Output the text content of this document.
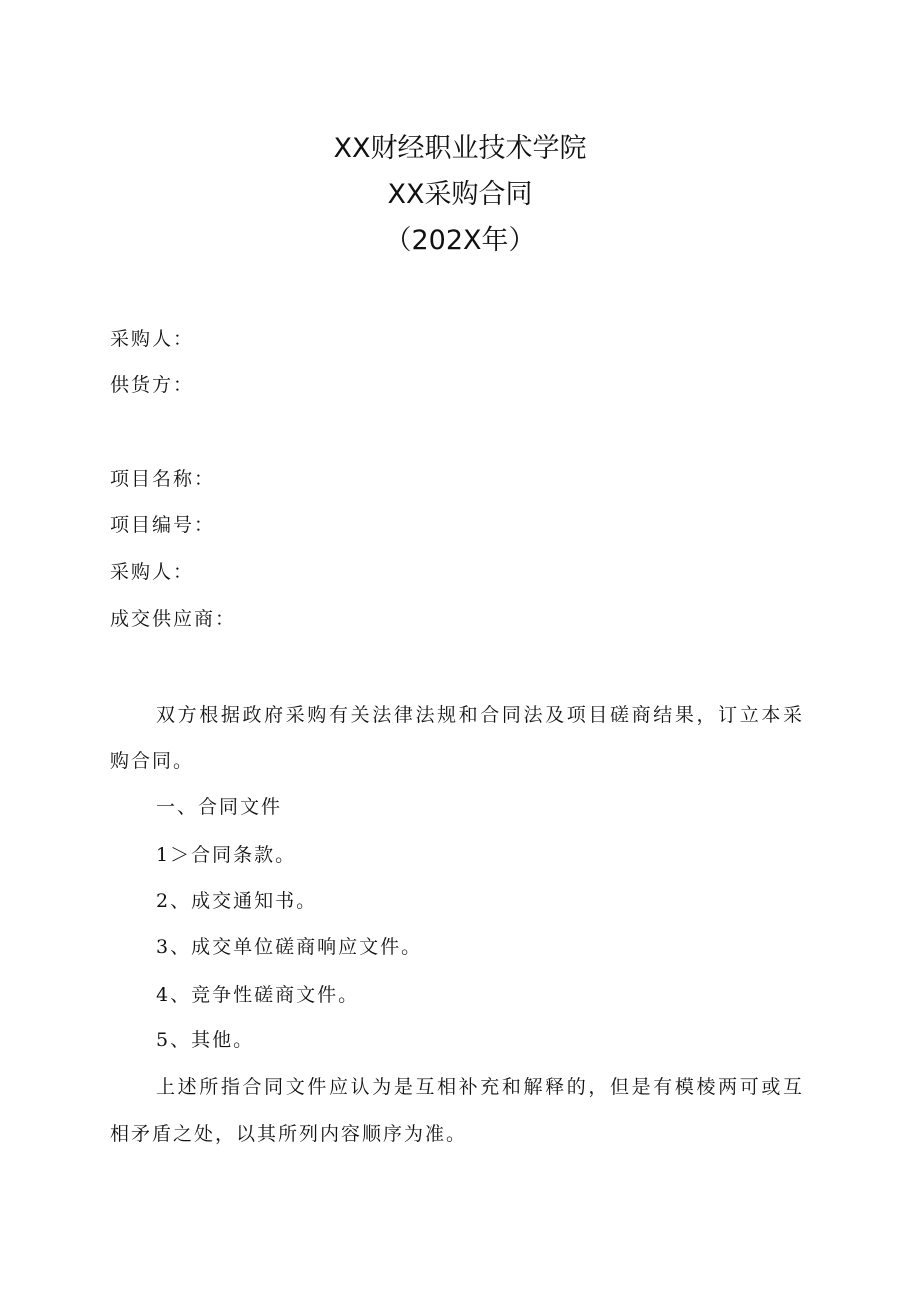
XX财经职业技术学院
XX采购合同
（202X年）
采购人：
供货方：
项目名称：
项目编号：
采购人：
成交供应商：
双方根据政府采购有关法律法规和合同法及项目磋商结果，订立本采
购合同。
一、合同文件
1＞合同条款。
2、成交通知书。
3、成交单位磋商响应文件。
4、竞争性磋商文件。
5、其他。
上述所指合同文件应认为是互相补充和解释的，但是有模棱两可或互
相矛盾之处，以其所列内容顺序为准。
